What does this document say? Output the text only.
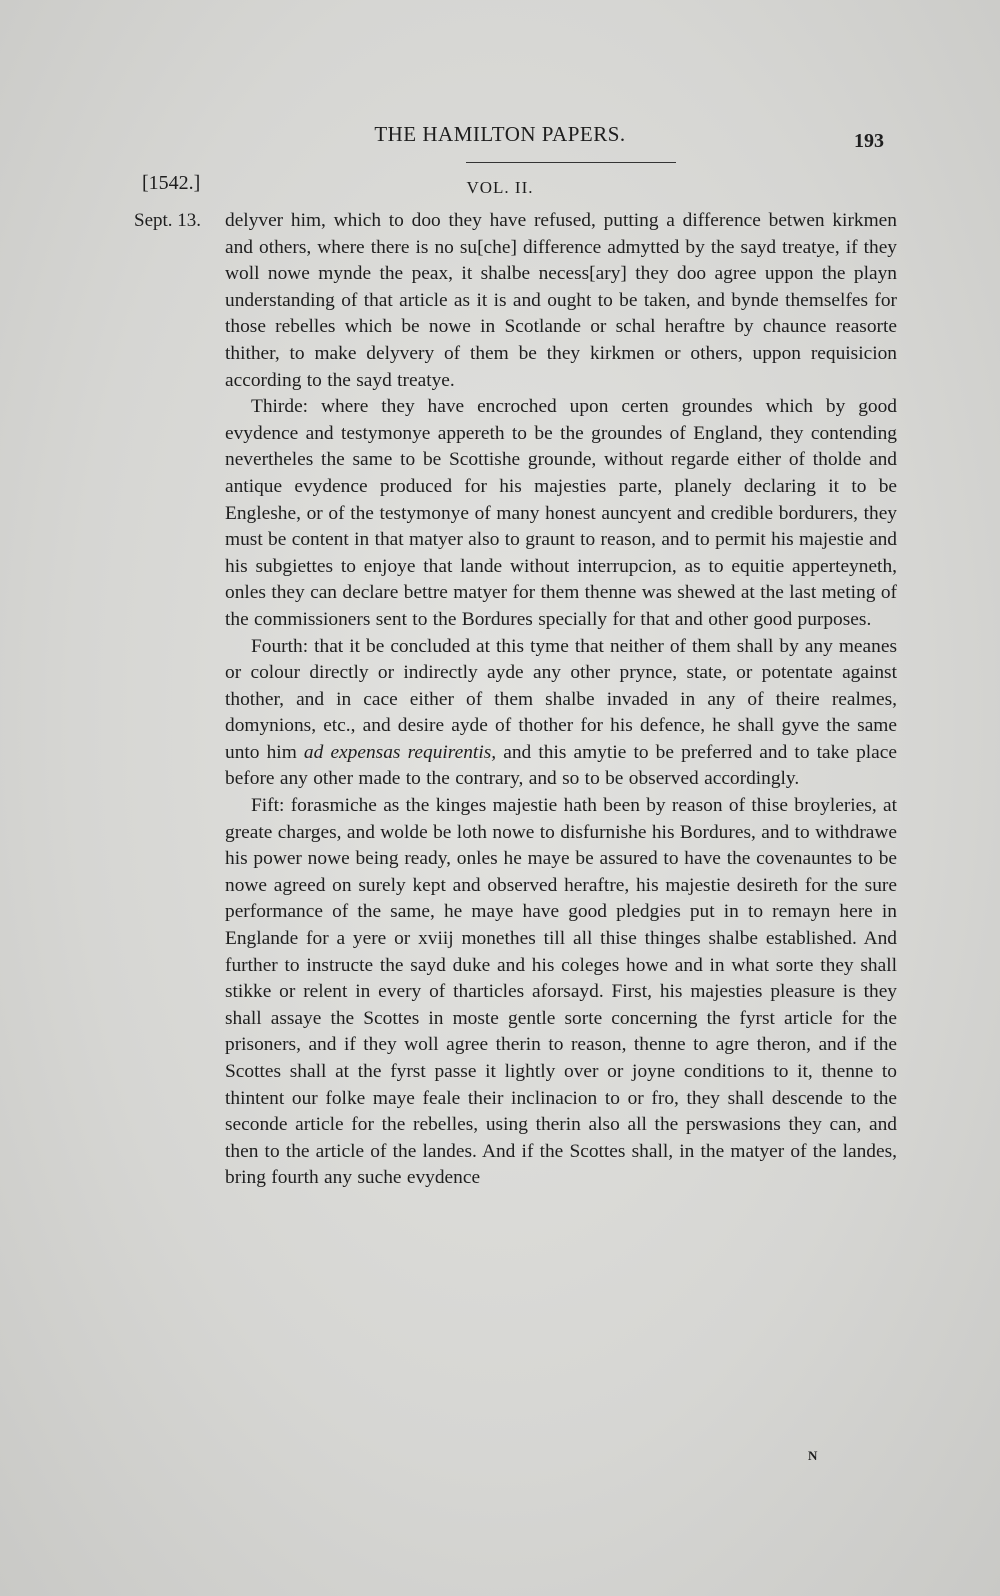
THE HAMILTON PAPERS.	193
[1542.]	VOL. II.
Sept. 13. delyver him, which to doo they have refused, putting a difference betwen kirkmen and others, where there is no su[che] difference admytted by the sayd treatye, if they woll nowe mynde the peax, it shalbe necess[ary] they doo agree uppon the playn understanding of that article as it is and ought to be taken, and bynde themselfes for those rebelles which be nowe in Scotlande or schal heraftre by chaunce reasorte thither, to make delyvery of them be they kirkmen or others, uppon requisicion according to the sayd treatye.

Thirde: where they have encroched upon certen groundes which by good evydence and testymonye appereth to be the groundes of England, they contending nevertheles the same to be Scottishe grounde, without regarde either of tholde and antique evydence produced for his majesties parte, planely declaring it to be Engleshe, or of the testymonye of many honest auncyent and credible bordurers, they must be content in that matyer also to graunt to reason, and to permit his majestie and his subgiettes to enjoye that lande without interrupcion, as to equitie apperteyneth, onles they can declare bettre matyer for them thenne was shewed at the last meting of the commissioners sent to the Bordures specially for that and other good purposes.

Fourth: that it be concluded at this tyme that neither of them shall by any meanes or colour directly or indirectly ayde any other prynce, state, or potentate against thother, and in cace either of them shalbe invaded in any of theire realmes, domynions, etc., and desire ayde of thother for his defence, he shall gyve the same unto him ad expensas requirentis, and this amytie to be preferred and to take place before any other made to the contrary, and so to be observed accordingly.

Fift: forasmiche as the kinges majestie hath been by reason of thise broyleries, at greate charges, and wolde be loth nowe to disfurnishe his Bordures, and to withdrawe his power nowe being ready, onles he maye be assured to have the covenauntes to be nowe agreed on surely kept and observed heraftre, his majestie desireth for the sure performance of the same, he maye have good pledgies put in to remayn here in Englande for a yere or xviij monethes till all thise thinges shalbe established. And further to instructe the sayd duke and his coleges howe and in what sorte they shall stikke or relent in every of tharticles aforsayd. First, his majesties pleasure is they shall assaye the Scottes in moste gentle sorte concerning the fyrst article for the prisoners, and if they woll agree therin to reason, thenne to agre theron, and if the Scottes shall at the fyrst passe it lightly over or joyne conditions to it, thenne to thintent our folke maye feale their inclinacion to or fro, they shall descende to the seconde article for the rebelles, using therin also all the perswasions they can, and then to the article of the landes. And if the Scottes shall, in the matyer of the landes, bring fourth any suche evydence

N
